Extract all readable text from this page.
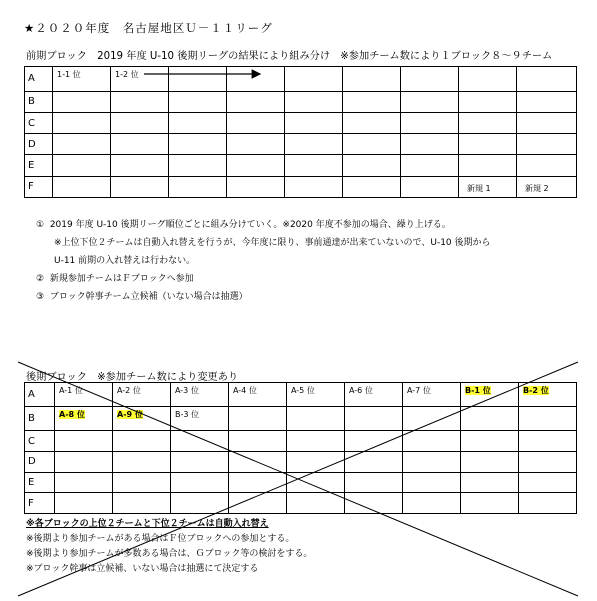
★２０２０年度　名古屋地区Ｕ－１１リーグ
前期ブロック　2019 年度 U-10 後期リーグの結果により組み分け　※参加チーム数により１ブロック８～９チーム
A	1-1 位	1-2 位							

B									
C									
D									
E									
F								新規 1	新規 2
① 2019 年度 U-10 後期リーグ順位ごとに組み分けていく。※2020 年度不参加の場合、繰り上げる。
※上位下位２チームは自動入れ替えを行うが、今年度に限り、事前通達が出来ていないので、U-10 後期から
U-11 前期の入れ替えは行わない。
② 新規参加チームはＦブロックへ参加
③ ブロック幹事チーム立候補（いない場合は抽選）
後期ブロック　※参加チーム数により変更あり
A	A-1 位	A-2 位	A-3 位	A-4 位	A-5 位	A-6 位	A-7 位	B-1 位	B-2 位

B	A-8 位	A-9 位	B-3 位						

C									
D									
E									
F									
※各ブロックの上位２チームと下位２チームは自動入れ替え
※後期より参加チームがある場合はＦ位ブロックへの参加とする。
※後期より参加チームが多数ある場合は、Ｇブロック等の検討をする。
※ブロック幹事は立候補、いない場合は抽選にて決定する
